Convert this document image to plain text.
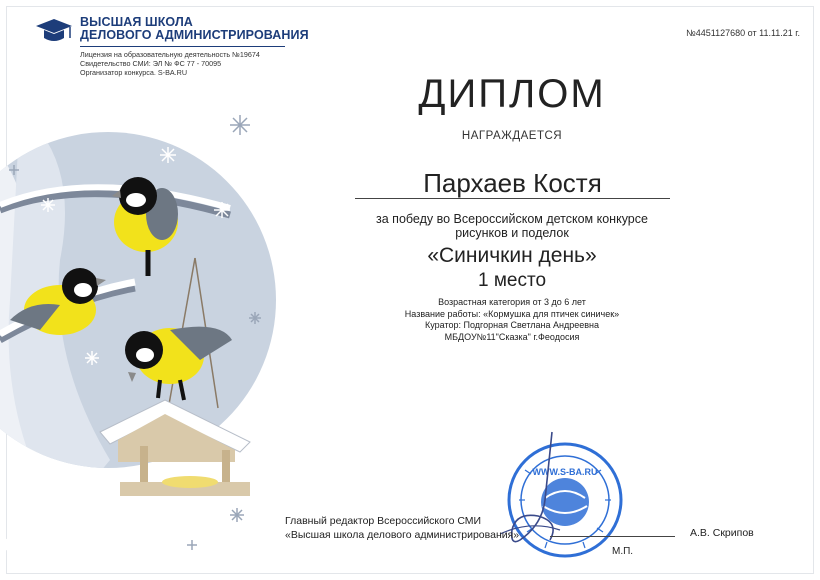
ВЫСШАЯ ШКОЛА
ДЕЛОВОГО АДМИНИСТРИРОВАНИЯ
Лицензия на образовательную деятельность №19674
Свидетельство СМИ: ЭЛ № ФС 77 - 70095
Организатор конкурса. S-BA.RU
№4451127680 от 11.11.21 г.
ДИПЛОМ
НАГРАЖДАЕТСЯ
Пархаев Костя
за победу во Всероссийском детском конкурсе
рисунков и поделок
«Синичкин день»
1 место
Возрастная категория от 3 до 6 лет
Название работы: «Кормушка для птичек синичек»
Куратор: Подгорная Светлана Андреевна
МБДОУ№11"Сказка" г.Феодосия
WWW.S-BA.RU
Главный редактор Всероссийского СМИ
«Высшая школа делового администрирования»	А.В. Скрипов
М.П.
